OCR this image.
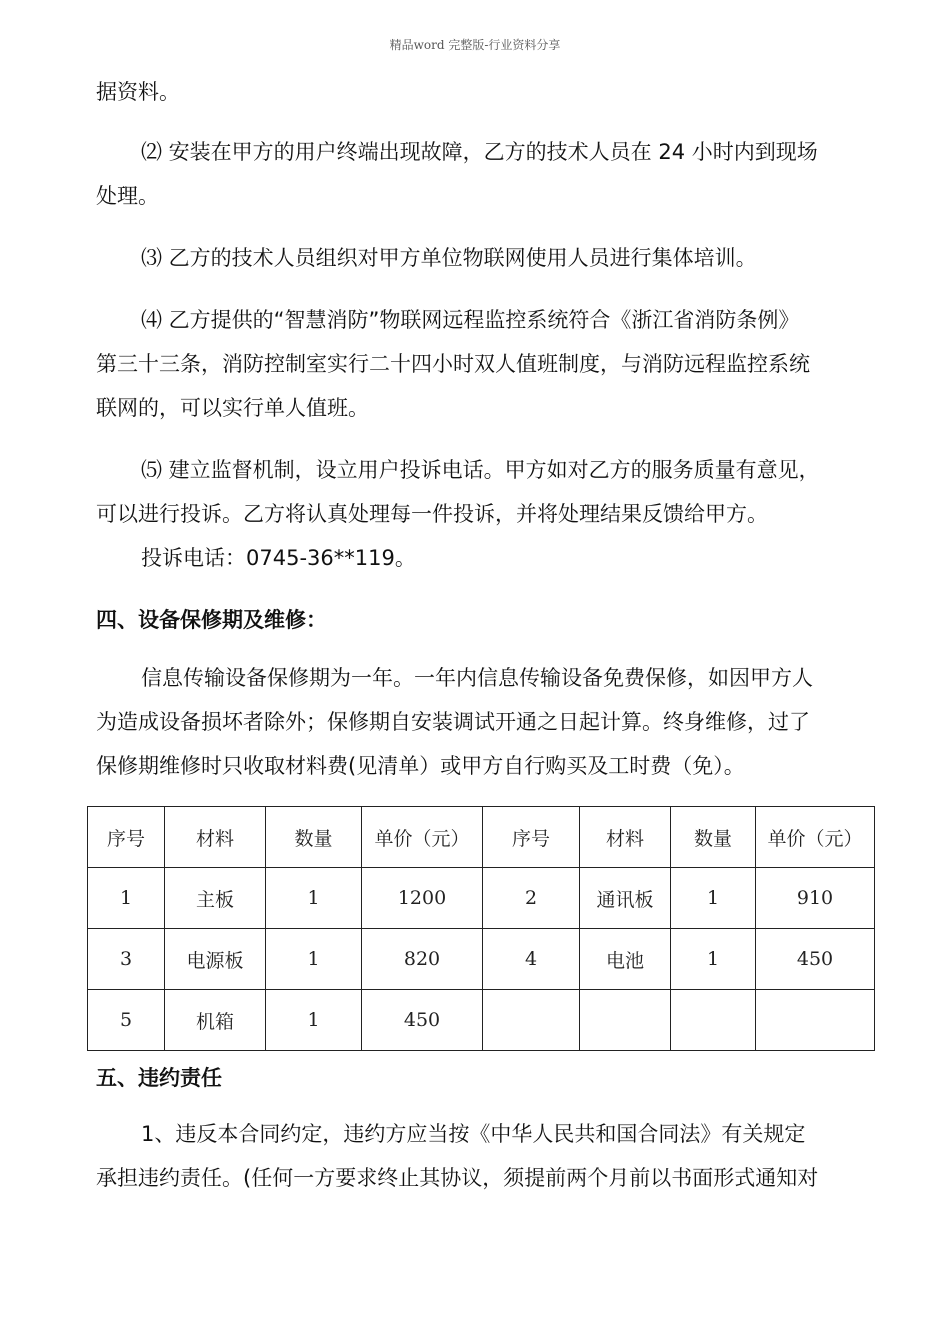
精品word 完整版-行业资料分享

据资料。

⑵ 安装在甲方的用户终端出现故障，乙方的技术人员在 24 小时内到现场

处理。

⑶ 乙方的技术人员组织对甲方单位物联网使用人员进行集体培训。

⑷ 乙方提供的“智慧消防”物联网远程监控系统符合《浙江省消防条例》

第三十三条，消防控制室实行二十四小时双人值班制度，与消防远程监控系统

联网的，可以实行单人值班。

⑸ 建立监督机制，设立用户投诉电话。甲方如对乙方的服务质量有意见，

可以进行投诉。乙方将认真处理每一件投诉，并将处理结果反馈给甲方。

投诉电话：0745-36**119。

四、设备保修期及维修：

信息传输设备保修期为一年。一年内信息传输设备免费保修，如因甲方人

为造成设备损坏者除外；保修期自安装调试开通之日起计算。终身维修，过了

保修期维修时只收取材料费(见清单）或甲方自行购买及工时费（免）。

序号	材料	数量	单价（元）	序号	材料	数量	单价（元）
1	主板	1	1200	2	通讯板	1	910
3	电源板	1	820	4	电池	1	450
5	机箱	1	450				

五、违约责任

1、违反本合同约定，违约方应当按《中华人民共和国合同法》有关规定

承担违约责任。(任何一方要求终止其协议，须提前两个月前以书面形式通知对
